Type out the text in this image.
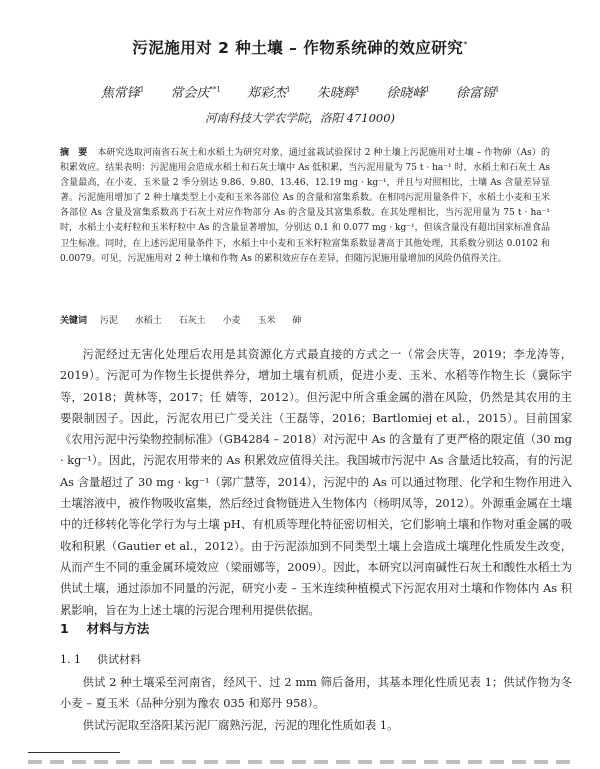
污泥施用对 2 种土壤 – 作物系统砷的效应研究*
焦常锋$^1$ 常会庆$^{**1}$ 郑彩杰$^1$ 朱晓辉$^1$ 徐晓峰$^1$ 徐富锦$^1$
河南科技大学农学院，洛阳 471000)
摘　要 本研究选取河南省石灰土和水稻土为研究对象，通过盆栽试验探讨 2 种土壤上污泥施用对土壤 – 作物砷（As）的积累效应。结果表明：污泥施用会造成水稻土和石灰土壤中 As 低积累，当污泥用量为 75 t · ha⁻¹ 时，水稻土和石灰土 As 含量最高，在小麦、玉米量 2 季分别达 9.86、9.80、13.46、12.19 mg · kg⁻¹，并且与对照相比，土壤 As 含量差异显著。污泥施用增加了 2 种土壤类型上小麦和玉米各部位 As 的含量和富集系数。在相同污泥用量条件下，水稻土小麦和玉米各部位 As 含量及富集系数高于石灰土对应作物部分 As 的含量及其富集系数。在其处理相比，当污泥用量为 75 t · ha⁻¹ 时，水稻土小麦籽粒和玉米籽粒中 As 的含量显著增加，分别达 0.1 和 0.077 mg · kg⁻¹，但该含量没有超出国家标准食品卫生标准。同时，在上述污泥用量条件下，水稻土中小麦和玉米籽粒富集系数显著高于其他处理，其系数分别达 0.0102 和 0.0079。可见，污泥施用对 2 种土壤和作物 As 的累积效应存在差异，但随污泥施用量增加的风险仍值得关注。
关键词 污泥 水稻土 石灰土 小麦 玉米 砷

污泥经过无害化处理后农用是其资源化方式最直接的方式之一（常会庆等，2019；李龙涛等，2019）。污泥可为作物生长提供养分，增加土壤有机质，促进小麦、玉米、水稻等作物生长（冀际宇等，2018；黄林等，2017；任 婧等，2012）。但污泥中所含重金属的潜在风险，仍然是其农用的主要限制因子。因此，污泥农用已广受关注（王磊等，2016；Bartlomiej et al.，2015）。目前国家《农用污泥中污染物控制标准》（GB4284 – 2018）对污泥中 As 的含量有了更严格的限定值（30 mg · kg⁻¹）。因此，污泥农用带来的 As 积累效应值得关注。我国城市污泥中 As 含量适比较高，有的污泥 As 含量超过了 30 mg · kg⁻¹（郭广慧等，2014），污泥中的 As 可以通过物理、化学和生物作用进入土壤溶液中，被作物吸收富集，然后经过食物链进入生物体内（杨明凤等，2012）。外源重金属在土壤中的迁移转化等化学行为与土壤 pH、有机质等理化特征密切相关，它们影响土壤和作物对重金属的吸收和积累（Gautier et al.，2012）。由于污泥添加到不同类型土壤上会造成土壤理化性质发生改变，从而产生不同的重金属环境效应（梁丽娜等，2009）。因此，本研究以河南碱性石灰土和酸性水稻土为供试土壤，通过添加不同量的污泥，研究小麦 – 玉米连续种植模式下污泥农用对土壤和作物体内 As 积累影响，旨在为上述土壤的污泥合理利用提供依据。

1 材料与方法
1. 1 供试材料

供试 2 种土壤采至河南省，经风干、过 2 mm 筛后备用，其基本理化性质见表 1；供试作物为冬小麦 – 夏玉米（品种分别为豫农 035 和郑丹 958）。

供试污泥取至洛阳某污泥厂腐熟污泥，污泥的理化性质如表 1。
